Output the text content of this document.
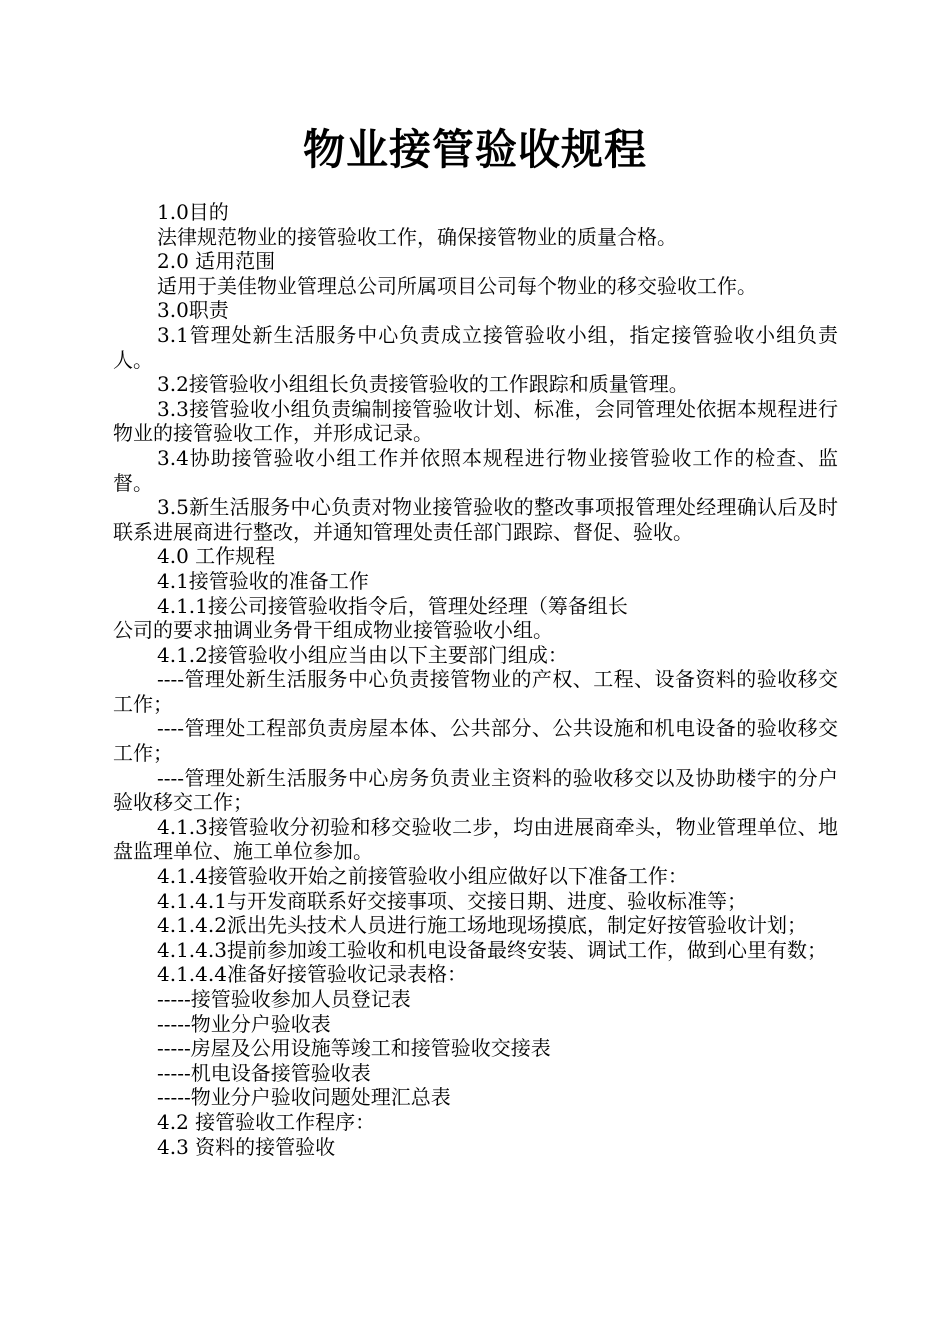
物业接管验收规程

1.0目的

法律规范物业的接管验收工作，确保接管物业的质量合格。

2.0 适用范围

适用于美佳物业管理总公司所属项目公司每个物业的移交验收工作。

3.0职责

3.1管理处新生活服务中心负责成立接管验收小组，指定接管验收小组负责人。

3.2接管验收小组组长负责接管验收的工作跟踪和质量管理。

3.3接管验收小组负责编制接管验收计划、标准，会同管理处依据本规程进行物业的接管验收工作，并形成记录。

3.4协助接管验收小组工作并依照本规程进行物业接管验收工作的检查、监督。

3.5新生活服务中心负责对物业接管验收的整改事项报管理处经理确认后及时联系进展商进行整改，并通知管理处责任部门跟踪、督促、验收。

4.0 工作规程

4.1接管验收的准备工作

4.1.1接公司接管验收指令后，管理处经理（筹备组长

公司的要求抽调业务骨干组成物业接管验收小组。

4.1.2接管验收小组应当由以下主要部门组成：

----管理处新生活服务中心负责接管物业的产权、工程、设备资料的验收移交工作；

----管理处工程部负责房屋本体、公共部分、公共设施和机电设备的验收移交工作；

----管理处新生活服务中心房务负责业主资料的验收移交以及协助楼宇的分户验收移交工作；

4.1.3接管验收分初验和移交验收二步，均由进展商牵头，物业管理单位、地盘监理单位、施工单位参加。

4.1.4接管验收开始之前接管验收小组应做好以下准备工作：

4.1.4.1与开发商联系好交接事项、交接日期、进度、验收标准等；

4.1.4.2派出先头技术人员进行施工场地现场摸底，制定好按管验收计划；

4.1.4.3提前参加竣工验收和机电设备最终安装、调试工作，做到心里有数；

4.1.4.4准备好接管验收记录表格：

-----接管验收参加人员登记表

-----物业分户验收表

-----房屋及公用设施等竣工和接管验收交接表

-----机电设备接管验收表

-----物业分户验收问题处理汇总表

4.2 接管验收工作程序：

4.3 资料的接管验收
